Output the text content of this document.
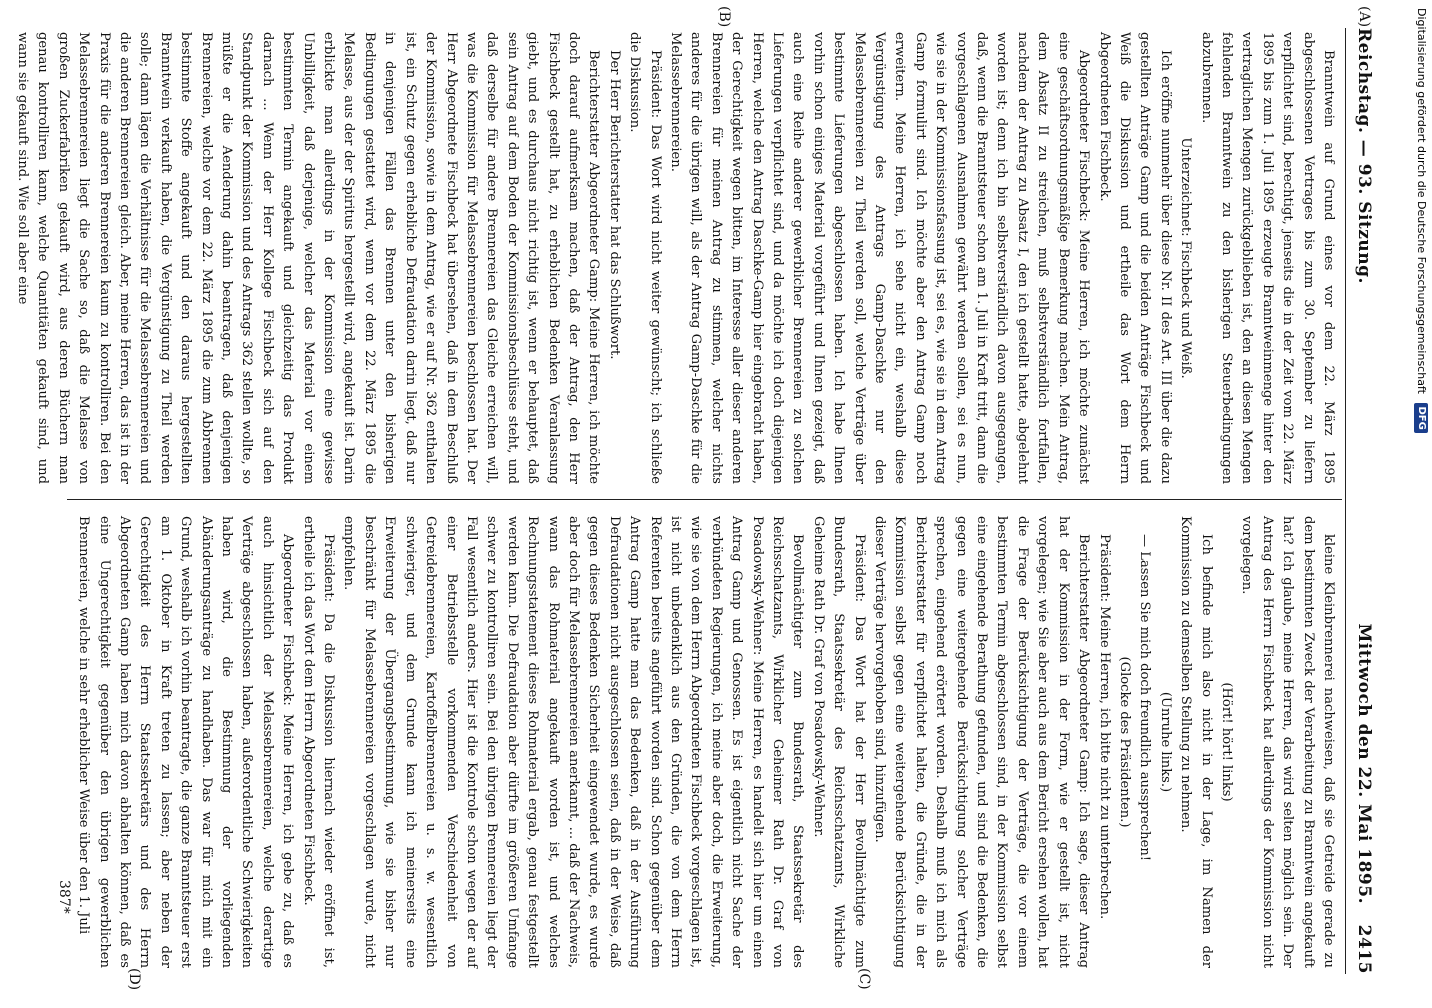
Reichstag. — 93. Sitzung.
Mittwoch den 22. Mai 1895.
2415
(A)
(B)
(C)
(D)

Branntwein auf Grund eines vor dem 22. März 1895 abgeschlossenen Vertrages bis zum 30. September zu liefern verpflichtet sind, berechtigt, jenseits die in der Zeit vom 22. März 1895 bis zum 1. Juli 1895 erzeugte Branntweinmenge hinter den vertraglichen Mengen zurückgeblieben ist, den an diesen Mengen fehlenden Branntwein zu den bisherigen Steuerbedingungen abzubrennen.

Unterzeichnet: Fischbeck und Weiß.

Ich eröffne nunmehr über diese Nr. II des Art. III über die dazu gestellten Anträge Gamp und die beiden Anträge Fischbeck und Weiß die Diskussion und ertheile das Wort dem Herrn Abgeordneten Fischbeck.

Abgeordneter Fischbeck: Meine Herren, ich möchte zunächst eine geschäftsordnungsmäßige Bemerkung machen. Mein Antrag, dem Absatz II zu streichen, muß selbstverständlich fortfallen, nachdem der Antrag zu Absatz I, den ich gestellt hatte, abgelehnt worden ist; denn ich bin selbstverständlich davon ausgegangen, daß, wenn die Branntsteuer schon am 1. Juli in Kraft tritt, dann die vorgeschlagenen Ausnahmen gewährt werden sollen, sei es nun, wie sie in der Kommissionsfassung ist, sei es, wie sie in dem Antrag Gamp formulirt sind. Ich möchte aber den Antrag Gamp noch erweitern. Meine Herren, ich sehe nicht ein, weshalb diese Vergünstigung des Antrags Gamp-Daschke nur den Melassebrennereien zu Theil werden soll, welche Verträge über bestimmte Lieferungen abgeschlossen haben. Ich habe Ihnen vorhin schon einiges Material vorgeführt und Ihnen gezeigt, daß auch eine Reihe anderer gewerblicher Brennereien zu solchen Lieferungen verpflichtet sind, und da möchte ich doch diejenigen Herren, welche den Antrag Daschke-Gamp hier eingebracht haben, der Gerechtigkeit wegen bitten, im Interesse aller dieser anderen Brennereien für meinen Antrag zu stimmen, welcher nichts anderes für die übrigen will, als der Antrag Gamp-Daschke für die Melassebrennereien.

Präsident: Das Wort wird nicht weiter gewünscht; ich schließe die Diskussion.

Der Herr Berichterstatter hat das Schlußwort.

Berichterstatter Abgeordneter Gamp: Meine Herren, ich möchte doch darauf aufmerksam machen, daß der Antrag, den Herr Fischbeck gestellt hat, zu erheblichen Bedenken Veranlassung giebt, und es durchaus nicht richtig ist, wenn er behauptet, daß sein Antrag auf dem Boden der Kommissionsbeschlüsse steht, und daß derselbe für andere Brennereien das Gleiche erreichen will, was die Kommission für Melassebrennereien beschlossen hat. Der Herr Abgeordnete Fischbeck hat übersehen, daß in dem Beschluß der Kommission, sowie in dem Antrag, wie er auf Nr. 362 enthalten ist, ein Schutz gegen erhebliche Defraudation darin liegt, daß nur in denjenigen Fällen das Brennen unter den bisherigen Bedingungen gestattet wird, wenn vor dem 22. März 1895 die Melasse, aus der der Spiritus hergestellt wird, angekauft ist. Darin erblickte man allerdings in der Kommission eine gewisse Unbilligkeit, daß derjenige, welcher das Material vor einem bestimmten Termin angekauft und gleichzeitig das Produkt darnach ... Wenn der Herr Kollege Fischbeck sich auf den Standpunkt der Kommission und des Antrags 362 stellen wollte, so müßte er die Aenderung dahin beantragen, daß denjenigen Brennereien, welche vor dem 22. März 1895 die zum Abbrennen bestimmte Stoffe angekauft und den daraus hergestellten Branntwein verkauft haben, die Vergünstigung zu Theil werden solle; dann lägen die Verhältnisse für die Melassebrennereien und die anderen Brennereien gleich. Aber, meine Herren, das ist in der Praxis für die anderen Brennereien kaum zu kontrolliren. Bei den Melassebrennereien liegt die Sache so, daß die Melasse von großen Zuckerfabriken gekauft wird, aus deren Büchern man genau kontrolliren kann, welche Quantitäten gekauft sind, und wann sie gekauft sind. Wie soll aber eine

kleine Kleinbrennerei nachweisen, daß sie Getreide gerade zu dem bestimmten Zweck der Verarbeitung zu Branntwein angekauft hat? Ich glaube, meine Herren, das wird selten möglich sein. Der Antrag des Herrn Fischbeck hat allerdings der Kommission nicht vorgelegen.

(Hört! hört! links)

Ich befinde mich also nicht in der Lage, im Namen der Kommission zu demselben Stellung zu nehmen.

(Unruhe links.)

— Lassen Sie mich doch freundlich aussprechen!

(Glocke des Präsidenten.)

Präsident: Meine Herren, ich bitte nicht zu unterbrechen.

Berichterstatter Abgeordneter Gamp: Ich sage, dieser Antrag hat der Kommission in der Form, wie er gestellt ist, nicht vorgelegen; wie Sie aber auch aus dem Bericht ersehen wollen, hat die Frage der Berücksichtigung der Verträge, die vor einem bestimmten Termin abgeschlossen sind, in der Kommission selbst eine eingehende Berathung gefunden, und sind die Bedenken, die gegen eine weitergehende Berücksichtigung solcher Verträge sprechen, eingehend erörtert worden. Deshalb muß ich mich als Berichterstatter für verpflichtet halten, die Gründe, die in der Kommission selbst gegen eine weitergehende Berücksichtigung dieser Verträge hervorgehoben sind, hinzufügen.

Präsident: Das Wort hat der Herr Bevollmächtigte zum Bundesrath, Staatssekretär des Reichsschatzamts, Wirkliche Geheime Rath Dr. Graf von Posadowsky-Wehner.

Bevollmächtigter zum Bundesrath, Staatssekretär des Reichsschatzamts, Wirklicher Geheimer Rath Dr. Graf von Posadowsky-Wehner: Meine Herren, es handelt sich hier um einen Antrag Gamp und Genossen. Es ist eigentlich nicht Sache der verbündeten Regierungen, ich meine aber doch, die Erweiterung, wie sie von dem Herrn Abgeordneten Fischbeck vorgeschlagen ist, ist nicht unbedenklich aus den Gründen, die von dem Herrn Referenten bereits angeführt worden sind. Schon gegenüber dem Antrag Gamp hatte man das Bedenken, daß in der Ausführung Defraudationen nicht ausgeschlossen seien, daß in der Weise, daß gegen dieses Bedenken Sicherheit eingewendet wurde, es wurde aber doch für Melassebrennereien anerkannt, ... daß der Nachweis, wann das Rohmaterial angekauft worden ist, und welches Rechnungsstatement dieses Rohmaterial ergab, genau festgestellt werden kann. Die Defraudation aber dürfte im größeren Umfange schwer zu kontrolliren sein. Bei den übrigen Brennereien liegt der Fall wesentlich anders. Hier ist die Kontrole schon wegen der auf einer Betriebsstelle vorkommenden Verschiedenheit von Getreidebrennereien, Kartoffelbrennereien u. s. w. wesentlich schwieriger, und dem Grunde kann ich meinerseits eine Erweiterung der Übergangsbestimmung, wie sie bisher nur beschränkt für Melassebrennereien vorgeschlagen wurde, nicht empfehlen.

Präsident: Da die Diskussion hiernach wieder eröffnet ist, ertheile ich das Wort dem Herrn Abgeordneten Fischbeck.

Abgeordneter Fischbeck: Meine Herren, ich gebe zu, daß es auch hinsichtlich der Melassebrennereien, welche derartige Verträge abgeschlossen haben, außerordentliche Schwierigkeiten haben wird, die Bestimmung der vorliegenden Abänderungsanträge zu handhaben. Das war für mich mit ein Grund, weshalb ich vorhin beantragte, die ganze Branntsteuer erst am 1. Oktober in Kraft treten zu lassen; aber neben der Gerechtigkeit des Herrn Staatssekretärs und des Herrn Abgeordneten Gamp haben mich davon abhalten können, daß es eine Ungerechtigkeit gegenüber den übrigen gewerblichen Brennereien, welche in sehr erheblicher Weise über den 1. Juli

387*
Digitalisierung gefördert durch die Deutsche Forschungsgemeinschaft DFG
